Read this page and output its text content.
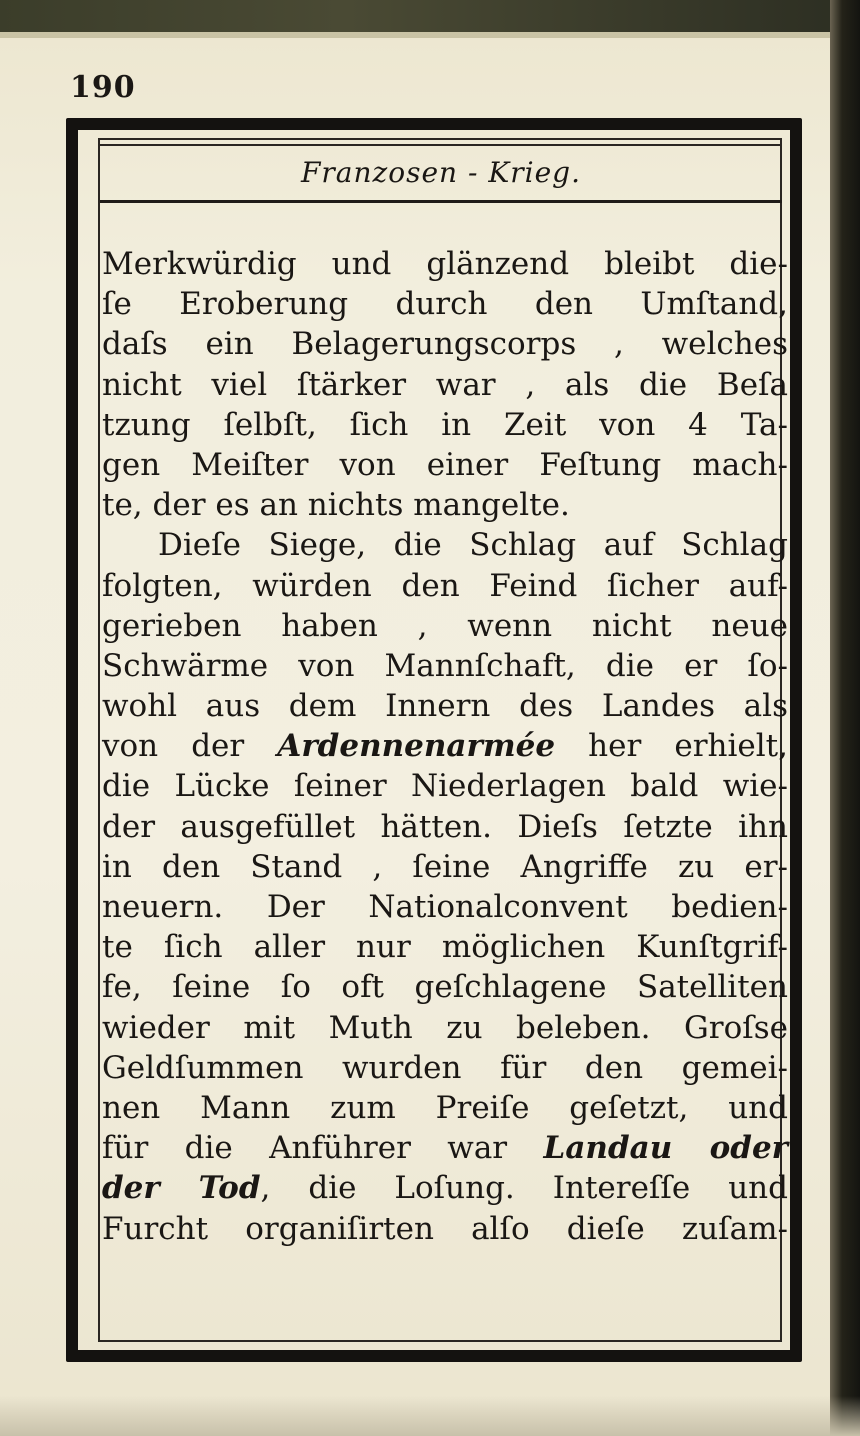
190
Franzosen - Krieg.
Merkwürdig und glänzend bleibt die-
ſe Eroberung durch den Umſtand,
daſs ein Belagerungscorps , welches
nicht viel ſtärker war , als die Beſa
tzung ſelbſt, ſich in Zeit von 4 Ta-
gen Meiſter von einer Feſtung mach-
te, der es an nichts mangelte.
Dieſe Siege, die Schlag auf Schlag
folgten, würden den Feind ſicher auf-
gerieben haben , wenn nicht neue
Schwärme von Mannſchaft, die er ſo-
wohl aus dem Innern des Landes als
von der Ardennenarmée her erhielt,
die Lücke ſeiner Niederlagen bald wie-
der ausgefüllet hätten. Dieſs ſetzte ihn
in den Stand , ſeine Angriffe zu er-
neuern. Der Nationalconvent bedien-
te ſich aller nur möglichen Kunſtgrif-
fe, ſeine ſo oft geſchlagene Satelliten
wieder mit Muth zu beleben. Groſse
Geldſummen wurden für den gemei-
nen Mann zum Preiſe geſetzt, und
für die Anführer war Landau oder
der Tod, die Loſung. Intereſſe und
Furcht organiſirten alſo dieſe zuſam-
